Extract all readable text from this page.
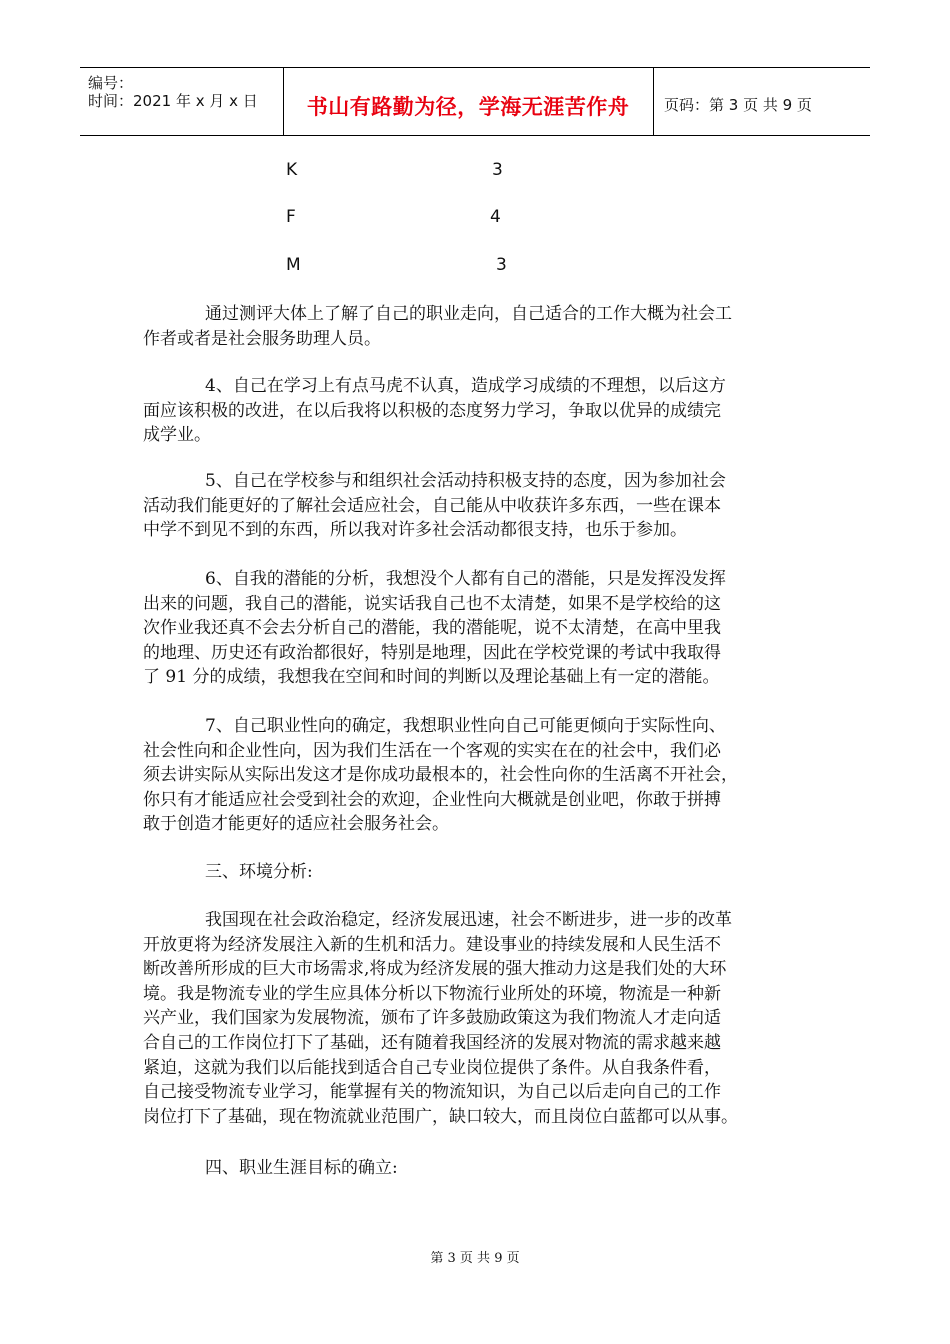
编号：
时间：2021 年 x 月 x 日	书山有路勤为径，学海无涯苦作舟	页码：第 3 页 共 9 页
K	3
F	4
M	3
通过测评大体上了解了自己的职业走向，自己适合的工作大概为社会工
作者或者是社会服务助理人员。
4、自己在学习上有点马虎不认真，造成学习成绩的不理想，以后这方
面应该积极的改进，在以后我将以积极的态度努力学习，争取以优异的成绩完
成学业。
5、自己在学校参与和组织社会活动持积极支持的态度，因为参加社会
活动我们能更好的了解社会适应社会，自己能从中收获许多东西，一些在课本
中学不到见不到的东西，所以我对许多社会活动都很支持，也乐于参加。
6、自我的潜能的分析，我想没个人都有自己的潜能，只是发挥没发挥
出来的问题，我自己的潜能，说实话我自己也不太清楚，如果不是学校给的这
次作业我还真不会去分析自己的潜能，我的潜能呢，说不太清楚，在高中里我
的地理、历史还有政治都很好，特别是地理，因此在学校党课的考试中我取得
了 91 分的成绩，我想我在空间和时间的判断以及理论基础上有一定的潜能。
7、自己职业性向的确定，我想职业性向自己可能更倾向于实际性向、
社会性向和企业性向，因为我们生活在一个客观的实实在在的社会中，我们必
须去讲实际从实际出发这才是你成功最根本的，社会性向你的生活离不开社会，
你只有才能适应社会受到社会的欢迎，企业性向大概就是创业吧，你敢于拼搏
敢于创造才能更好的适应社会服务社会。
三、环境分析:
我国现在社会政治稳定，经济发展迅速，社会不断进步，进一步的改革
开放更将为经济发展注入新的生机和活力。建设事业的持续发展和人民生活不
断改善所形成的巨大市场需求,将成为经济发展的强大推动力这是我们处的大环
境。我是物流专业的学生应具体分析以下物流行业所处的环境，物流是一种新
兴产业，我们国家为发展物流，颁布了许多鼓励政策这为我们物流人才走向适
合自己的工作岗位打下了基础，还有随着我国经济的发展对物流的需求越来越
紧迫，这就为我们以后能找到适合自己专业岗位提供了条件。从自我条件看，
自己接受物流专业学习，能掌握有关的物流知识，为自己以后走向自己的工作
岗位打下了基础，现在物流就业范围广，缺口较大，而且岗位白蓝都可以从事。
四、职业生涯目标的确立:
第 3 页 共 9 页
